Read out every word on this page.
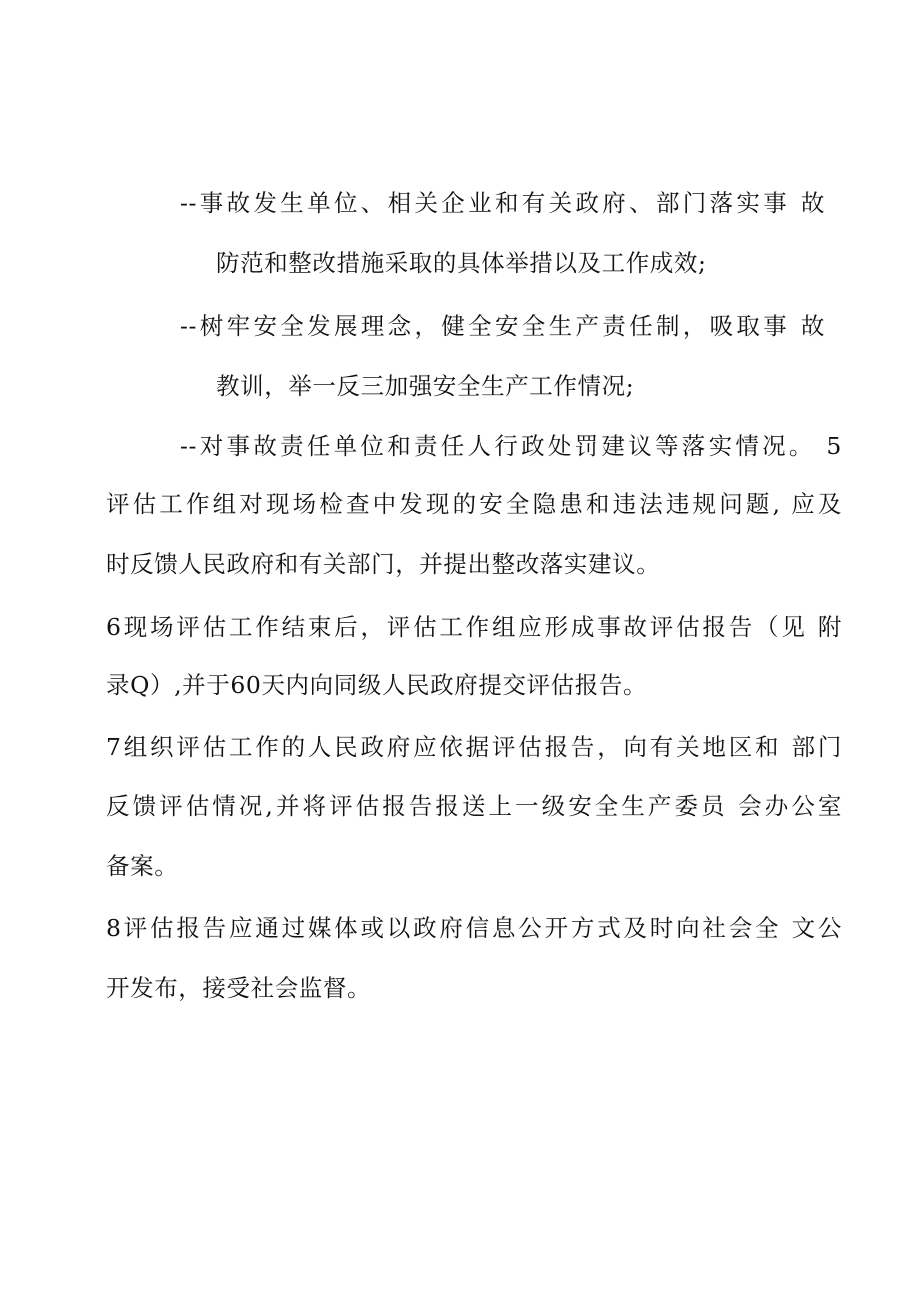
--事故发生单位、相关企业和有关政府、部门落实事 故
防范和整改措施采取的具体举措以及工作成效;
--树牢安全发展理念，健全安全生产责任制，吸取事 故
教训，举一反三加强安全生产工作情况;
--对事故责任单位和责任人行政处罚建议等落实情况。 5
评估工作组对现场检查中发现的安全隐患和违法违规问题, 应及
时反馈人民政府和有关部门，并提出整改落实建议。
6现场评估工作结束后，评估工作组应形成事故评估报告（见 附
录Q）,并于60天内向同级人民政府提交评估报告。
7组织评估工作的人民政府应依据评估报告，向有关地区和 部门
反馈评估情况,并将评估报告报送上一级安全生产委员 会办公室
备案。
8评估报告应通过媒体或以政府信息公开方式及时向社会全 文公
开发布，接受社会监督。
